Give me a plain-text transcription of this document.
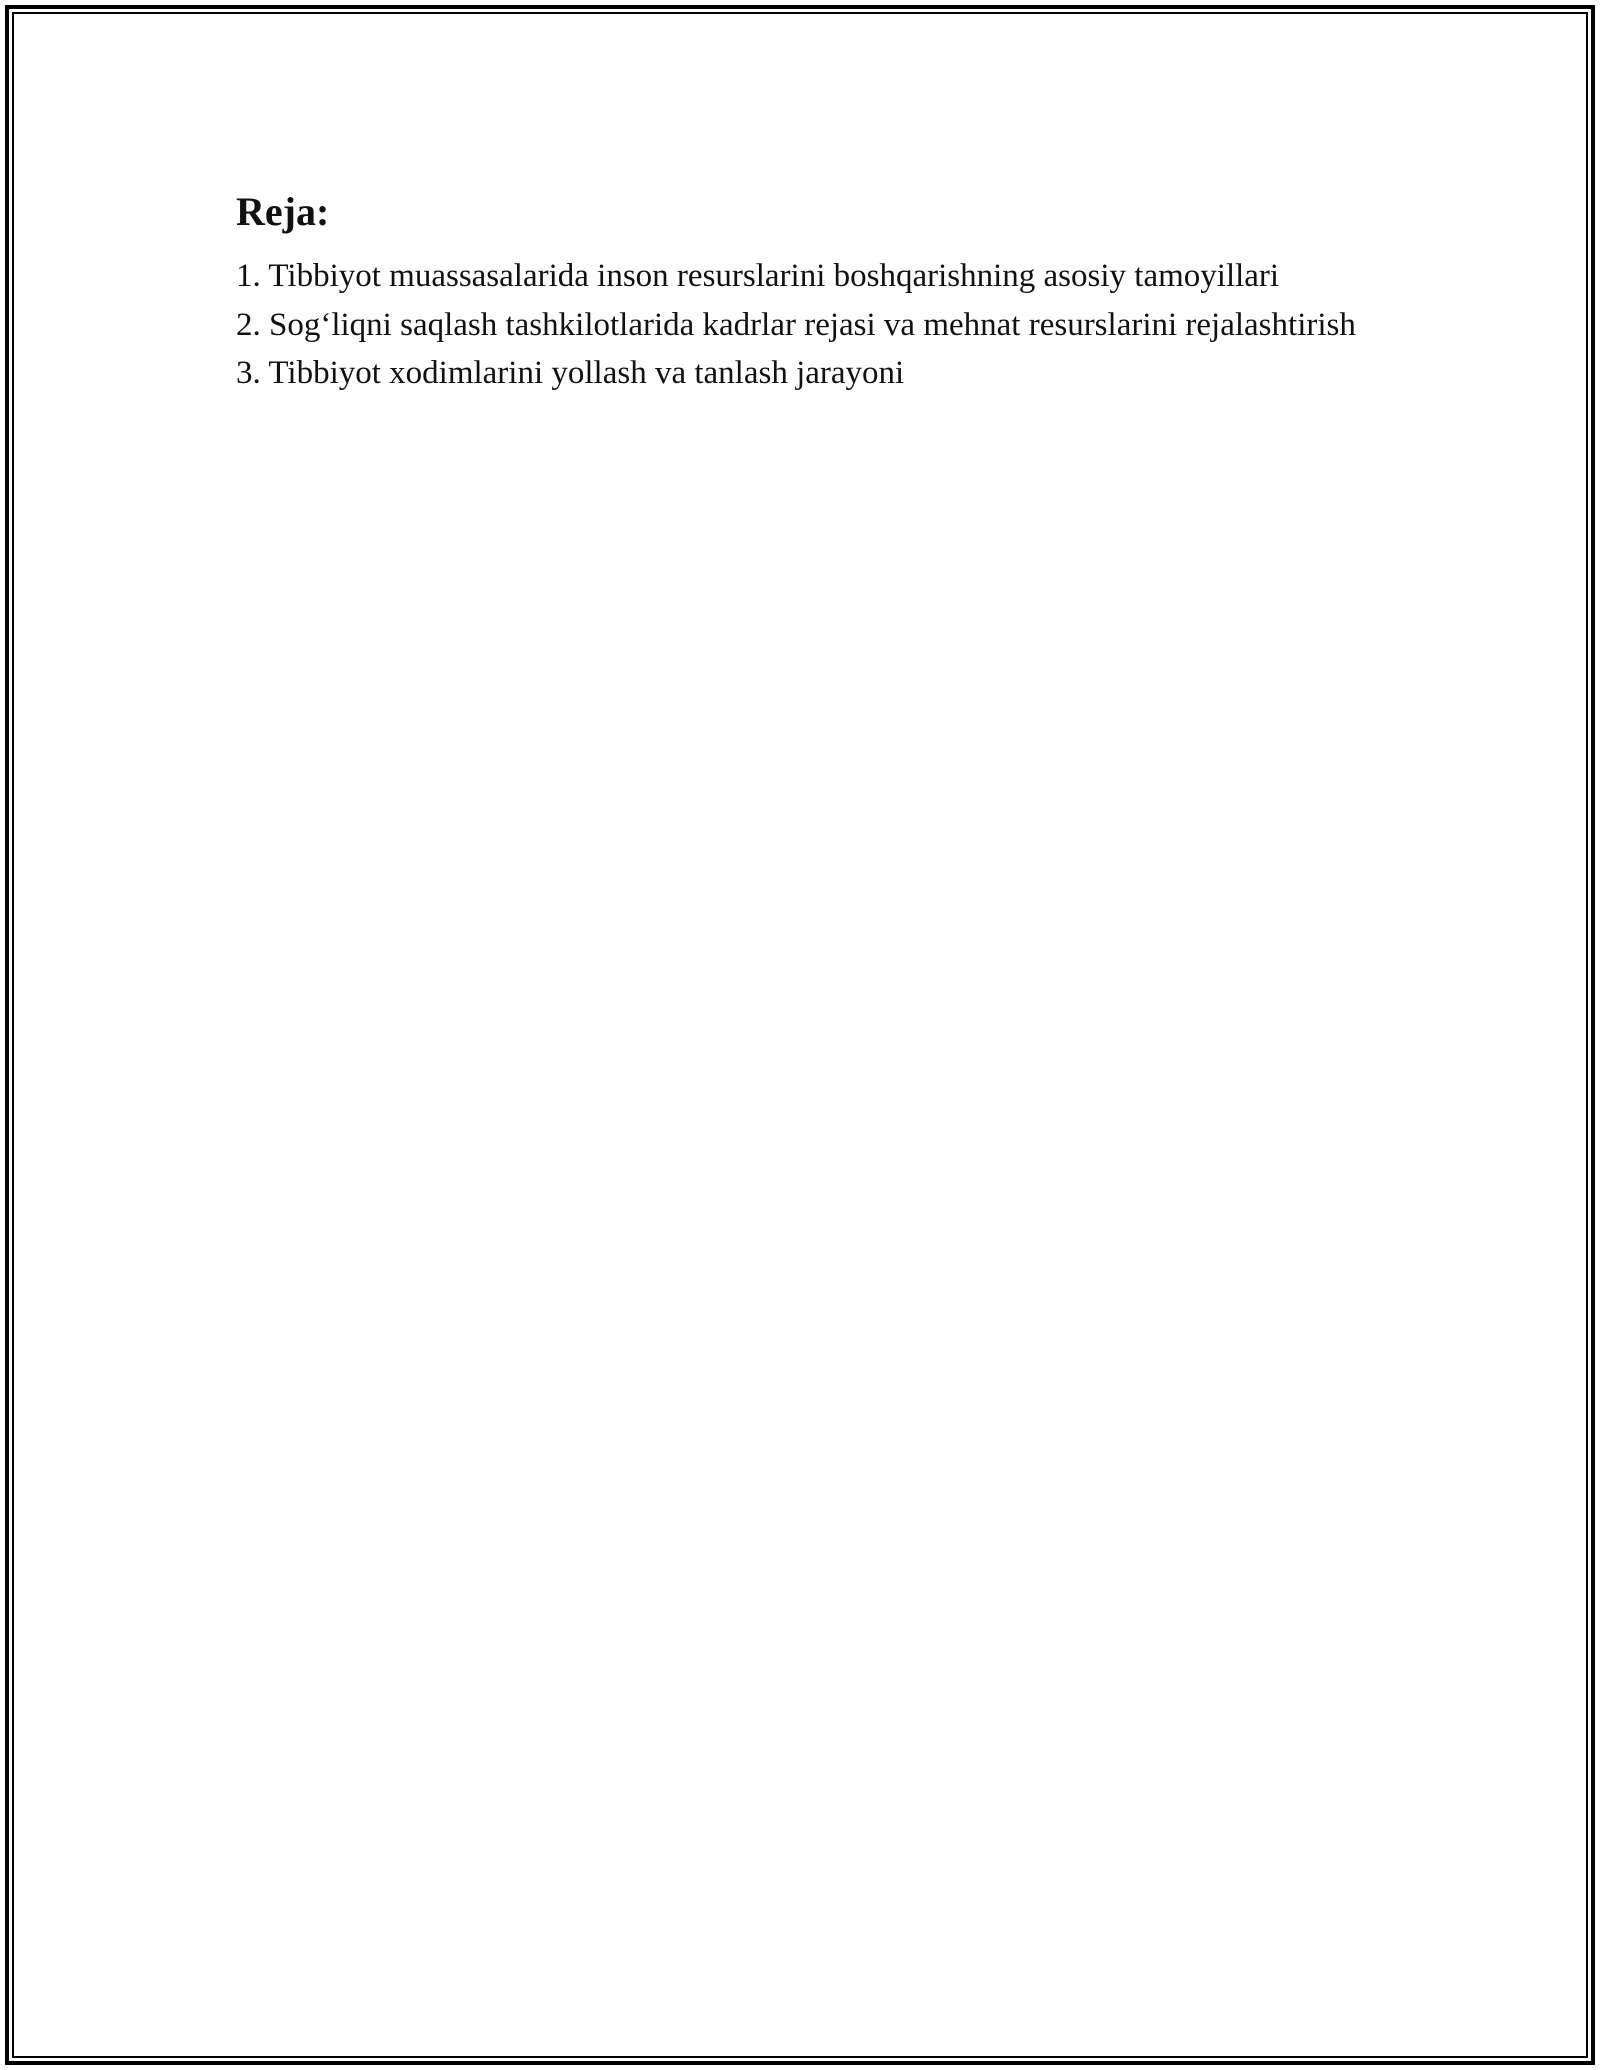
Reja:
1. Tibbiyot muassasalarida inson resurslarini boshqarishning asosiy tamoyillari
2. Sog‘liqni saqlash tashkilotlarida kadrlar rejasi va mehnat resurslarini rejalashtirish
3. Tibbiyot xodimlarini yollash va tanlash jarayoni
